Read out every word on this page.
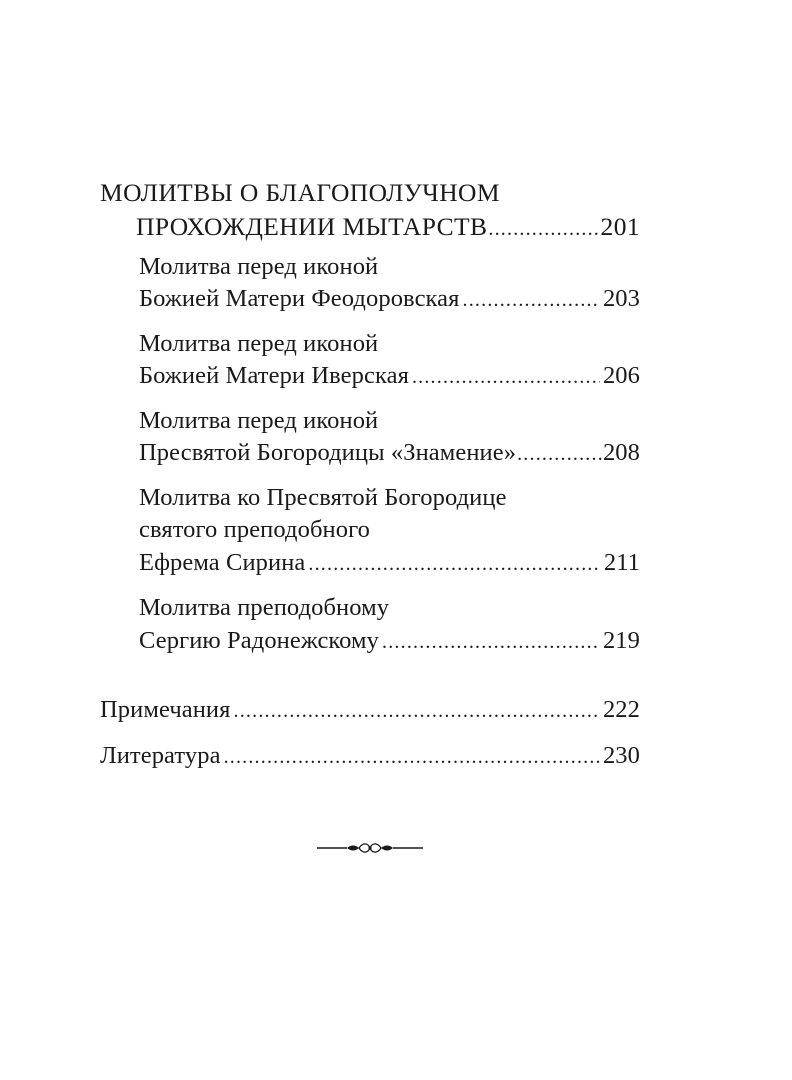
МОЛИТВЫ О БЛАГОПОЛУЧНОМ
ПРОХОЖДЕНИИ МЫТАРСТВ .....	201
Молитва перед иконой
Божией Матери Феодоровская .....	203
Молитва перед иконой
Божией Матери Иверская .....	206
Молитва перед иконой
Пресвятой Богородицы «Знамение» .....	208
Молитва ко Пресвятой Богородице
святого преподобного
Ефрема Сирина .....	211
Молитва преподобному
Сергию Радонежскому .....	219
Примечания .....	222
Литература .....	230
